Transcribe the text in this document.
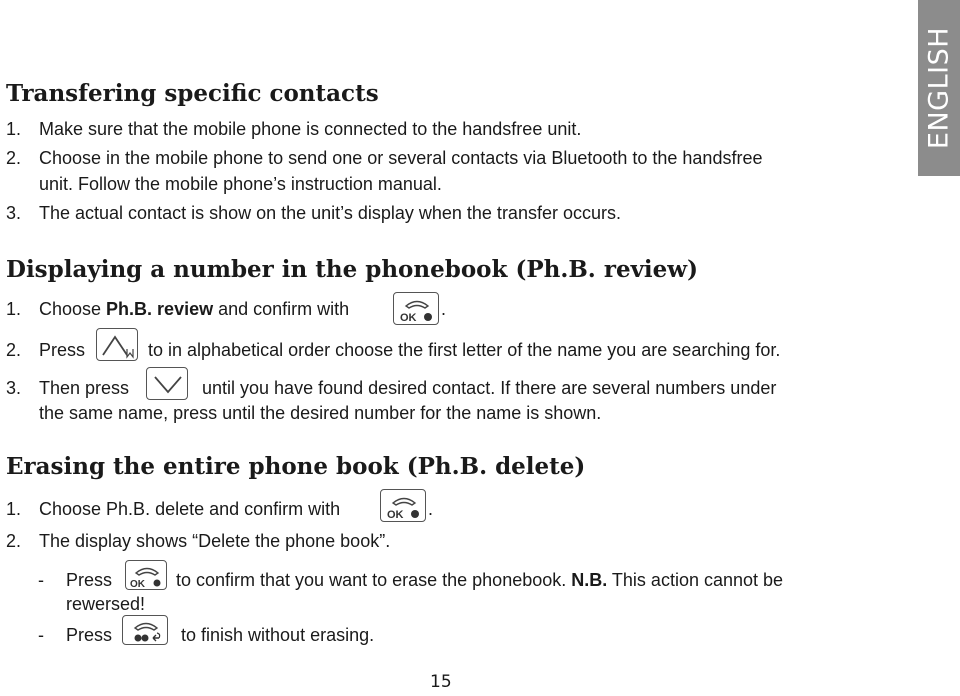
ENGLISH
Transfering specific contacts
1. Make sure that the mobile phone is connected to the handsfree unit.
2. Choose in the mobile phone to send one or several contacts via Bluetooth to the handsfree
unit. Follow the mobile phone’s instruction manual.
3. The actual contact is show on the unit’s display when the transfer occurs.
Displaying a number in the phonebook (Ph.B. review)
1. Choose Ph.B. review and confirm with	OK .
2. Press	to in alphabetical order choose the first letter of the name you are searching for.
3. Then press	until you have found desired contact. If there are several numbers under
the same name, press until the desired number for the name is shown.
Erasing the entire phone book (Ph.B. delete)
1. Choose Ph.B. delete and confirm with	OK .
2. The display shows “Delete the phone book”.
- Press OK to confirm that you want to erase the phonebook. N.B. This action cannot be
rewersed!
- Press	to finish without erasing.
15
